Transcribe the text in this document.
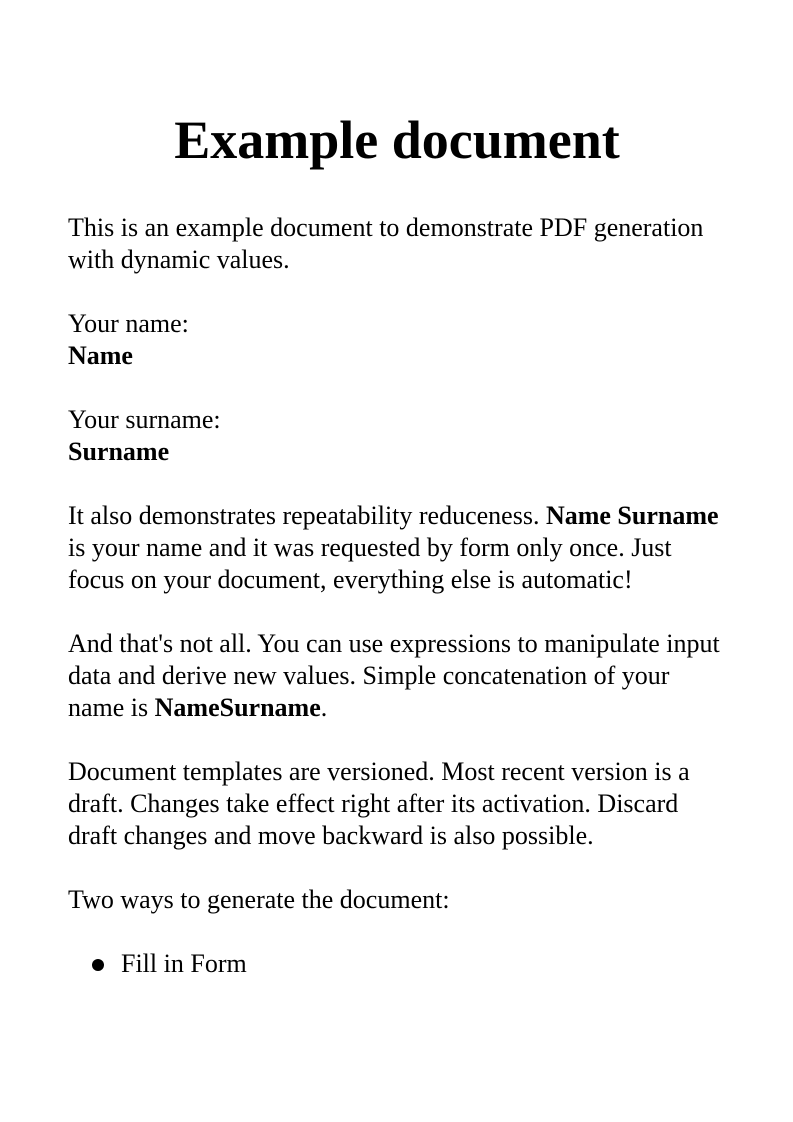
Example document

This is an example document to demonstrate PDF generation with dynamic values.

Your name:
Name

Your surname:
Surname

It also demonstrates repeatability reduceness. Name Surname is your name and it was requested by form only once. Just focus on your document, everything else is automatic!

And that's not all. You can use expressions to manipulate input data and derive new values. Simple concatenation of your name is NameSurname.

Document templates are versioned. Most recent version is a draft. Changes take effect right after its activation. Discard draft changes and move backward is also possible.

Two ways to generate the document:

Fill in Form
